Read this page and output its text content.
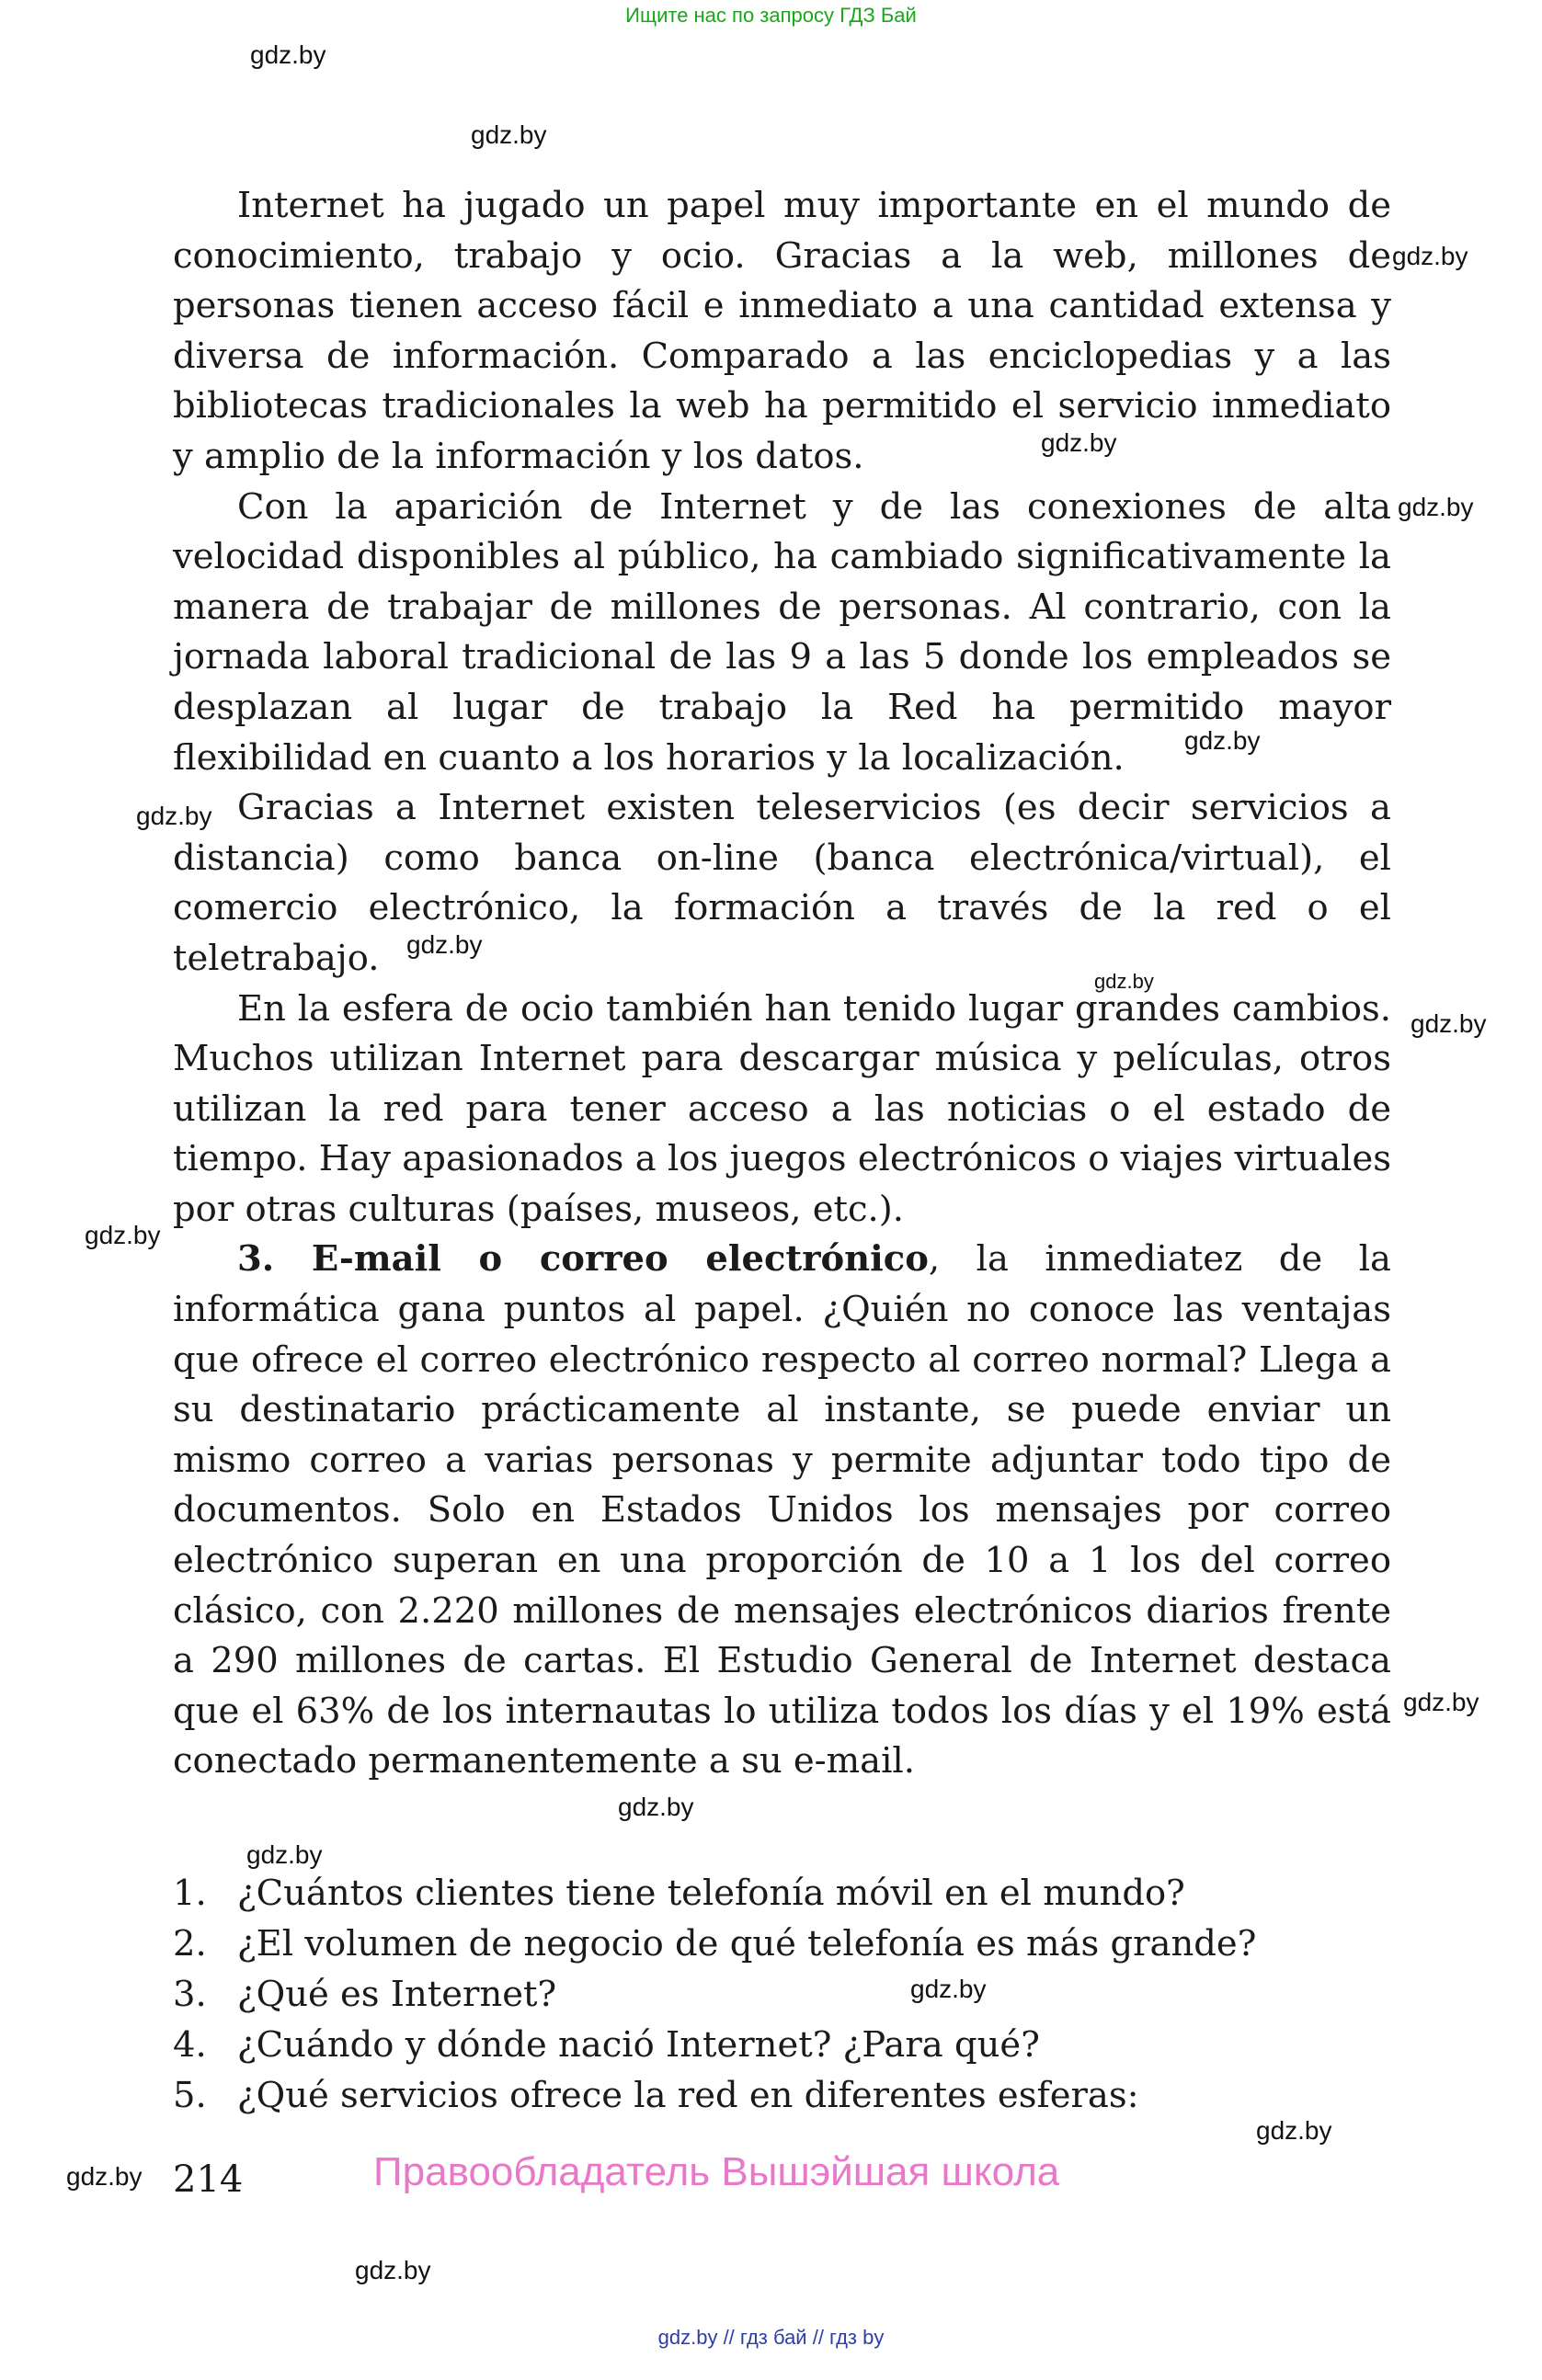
Ищите нас по запросу ГДЗ Бай

Internet ha jugado un papel muy importante en el mundo de conocimiento, trabajo y ocio. Gracias a la web, millones de personas tienen acceso fácil e inmediato a una cantidad extensa y diversa de información. Comparado a las enciclopedias y a las bibliotecas tradicionales la web ha permitido el servicio inmediato y amplio de la información y los datos.

Con la aparición de Internet y de las conexiones de alta velocidad disponibles al público, ha cambiado significativamente la manera de trabajar de millones de personas. Al contrario, con la jornada laboral tradicional de las 9 a las 5 donde los empleados se desplazan al lugar de trabajo la Red ha permitido mayor flexibilidad en cuanto a los horarios y la localización.

Gracias a Internet existen teleservicios (es decir servicios a distancia) como banca on-line (banca electrónica/virtual), el comercio electrónico, la formación a través de la red o el teletrabajo.

En la esfera de ocio también han tenido lugar grandes cambios. Muchos utilizan Internet para descargar música y películas, otros utilizan la red para tener acceso a las noticias o el estado de tiempo. Hay apasionados a los juegos electrónicos o viajes virtuales por otras culturas (países, museos, etc.).

3. E-mail o correo electrónico, la inmediatez de la informática gana puntos al papel. ¿Quién no conoce las ventajas que ofrece el correo electrónico respecto al correo normal? Llega a su destinatario prácticamente al instante, se puede enviar un mismo correo a varias personas y permite adjuntar todo tipo de documentos. Solo en Estados Unidos los mensajes por correo electrónico superan en una proporción de 10 a 1 los del correo clásico, con 2.220 millones de mensajes electrónicos diarios frente a 290 millones de cartas. El Estudio General de Internet destaca que el 63% de los internautas lo utiliza todos los días y el 19% está conectado permanentemente a su e-mail.

1. ¿Cuántos clientes tiene telefonía móvil en el mundo?
2. ¿El volumen de negocio de qué telefonía es más grande?
3. ¿Qué es Internet?
4. ¿Cuándo y dónde nació Internet? ¿Para qué?
5. ¿Qué servicios ofrece la red en diferentes esferas:
214	Правообладатель Вышэйшая школа
gdz.by
gdz.by
gdz.by
gdz.by
gdz.by
gdz.by
gdz.by
gdz.by
gdz.by
gdz.by
gdz.by
gdz.by
gdz.by
gdz.by
gdz.by
gdz.by
gdz.by
gdz.by
gdz.by // гдз бай // гдз by
